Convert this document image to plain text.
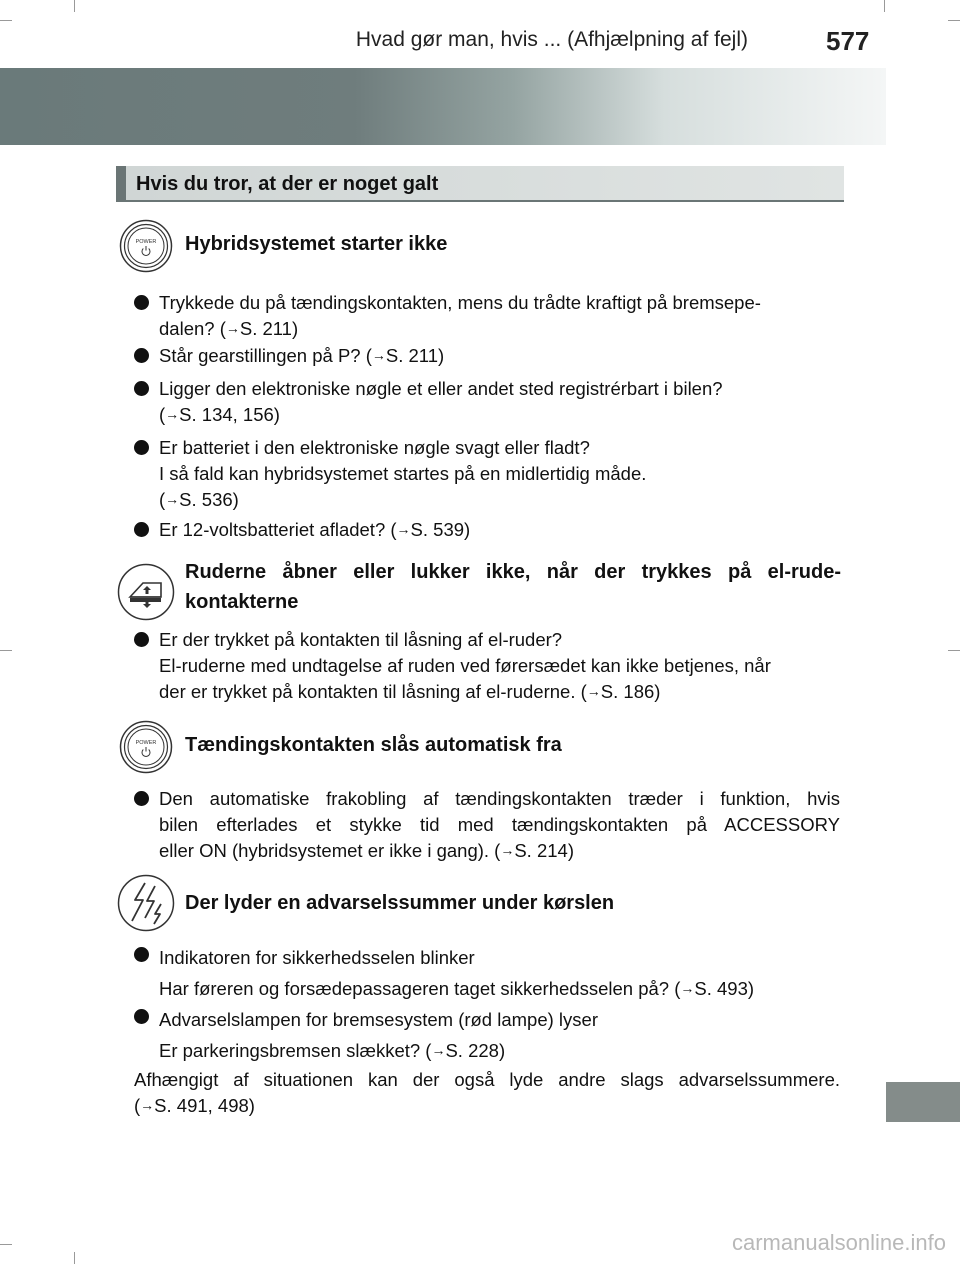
Hvad gør man, hvis ... (Afhjælpning af fejl)	577
Hvis du tror, at der er noget galt
POWER Hybridsystemet starter ikke
Trykkede du på tændingskontakten, mens du trådte kraftigt på bremsepe-
dalen? (→S. 211)
Står gearstillingen på P? (→S. 211)
Ligger den elektroniske nøgle et eller andet sted registrérbart i bilen?
(→S. 134, 156)
Er batteriet i den elektroniske nøgle svagt eller fladt?
I så fald kan hybridsystemet startes på en midlertidig måde.
(→S. 536)
Er 12-voltsbatteriet afladet? (→S. 539)
Ruderne åbner eller lukker ikke, når der trykkes på el-rude-
kontakterne
Er der trykket på kontakten til låsning af el-ruder?
El-ruderne med undtagelse af ruden ved førersædet kan ikke betjenes, når
der er trykket på kontakten til låsning af el-ruderne. (→S. 186)
POWER Tændingskontakten slås automatisk fra
Den automatiske frakobling af tændingskontakten træder i funktion, hvis
bilen efterlades et stykke tid med tændingskontakten på ACCESSORY
eller ON (hybridsystemet er ikke i gang). (→S. 214)
Der lyder en advarselssummer under kørslen
Indikatoren for sikkerhedsselen blinker
Har føreren og forsædepassageren taget sikkerhedsselen på? (→S. 493)
Advarselslampen for bremsesystem (rød lampe) lyser
Er parkeringsbremsen slækket? (→S. 228)
Afhængigt af situationen kan der også lyde andre slags advarselssummere.
(→S. 491, 498)
carmanualsonline.info
